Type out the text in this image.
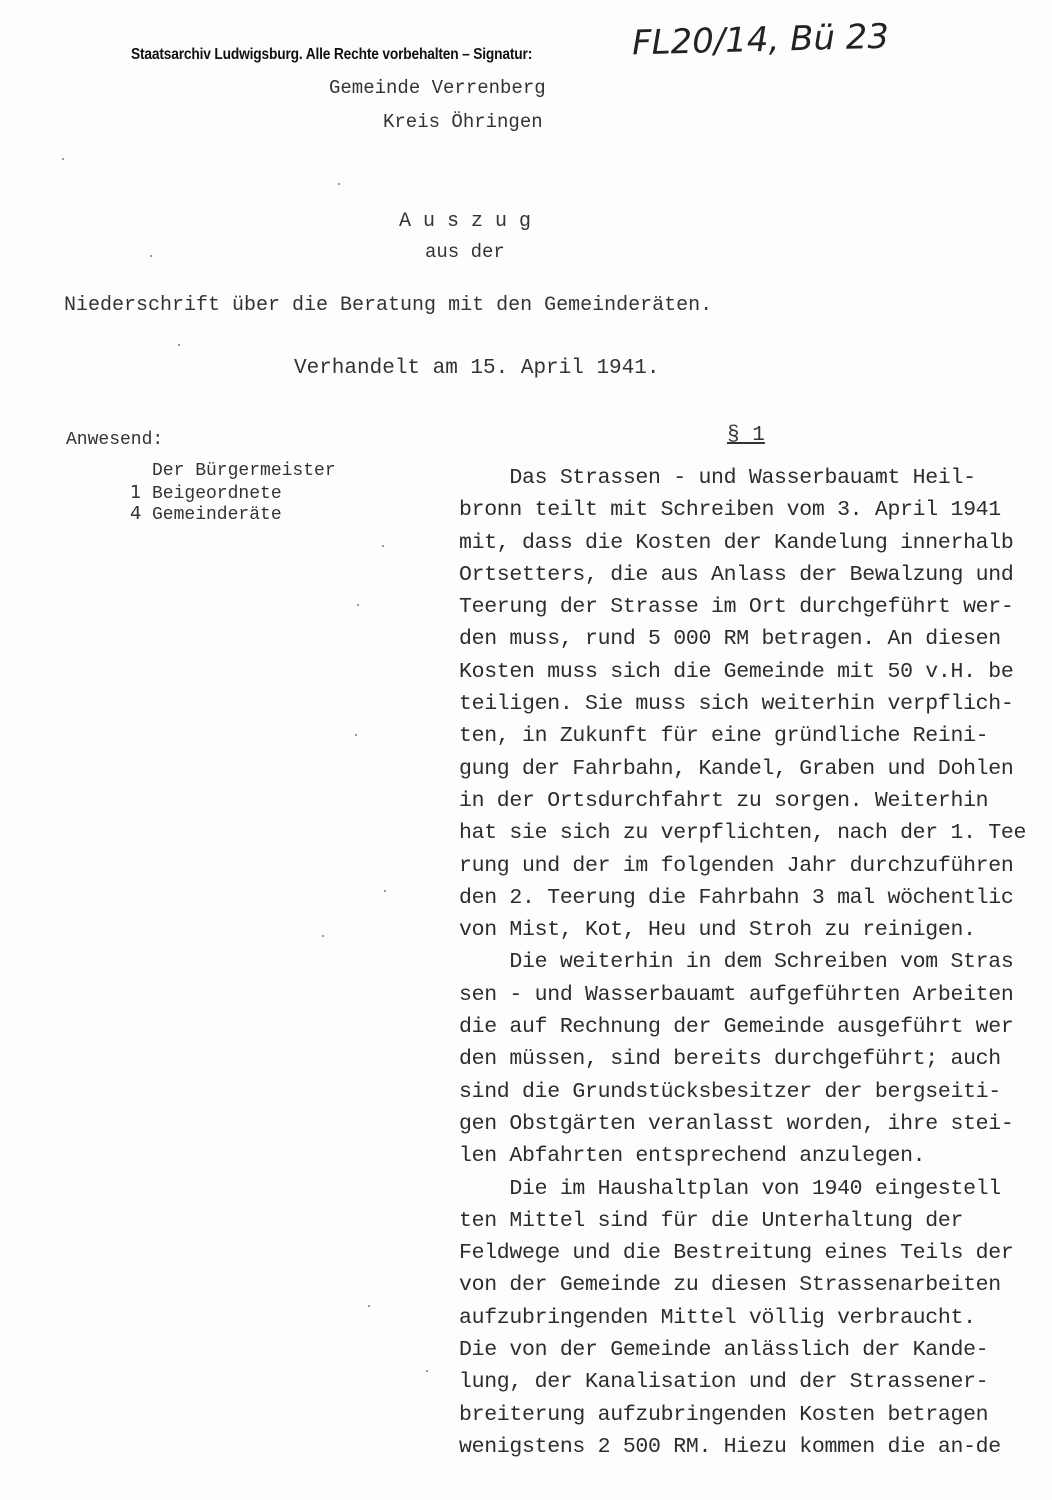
Staatsarchiv Ludwigsburg. Alle Rechte vorbehalten – Signatur:	FL20/14, Bü 23
Gemeinde Verrenberg
Kreis Öhringen
A u s z u g
aus der
Niederschrift über die Beratung mit den Gemeinderäten.
Verhandelt am 15. April 1941.
Anwesend:
Der Bürgermeister
1 Beigeordnete
4 Gemeinderäte
§ 1
Das Strassen - und Wasserbauamt Heil-
bronn teilt mit Schreiben vom 3. April 1941
mit, dass die Kosten der Kandelung innerhalb
Ortsetters, die aus Anlass der Bewalzung und
Teerung der Strasse im Ort durchgeführt wer-
den muss, rund 5 000 RM betragen. An diesen
Kosten muss sich die Gemeinde mit 50 v.H. be
teiligen. Sie muss sich weiterhin verpflich-
ten, in Zukunft für eine gründliche Reini-
gung der Fahrbahn, Kandel, Graben und Dohlen
in der Ortsdurchfahrt zu sorgen. Weiterhin
hat sie sich zu verpflichten, nach der 1. Tee
rung und der im folgenden Jahr durchzuführen
den 2. Teerung die Fahrbahn 3 mal wöchentlic
von Mist, Kot, Heu und Stroh zu reinigen.
Die weiterhin in dem Schreiben vom Stras
sen - und Wasserbauamt aufgeführten Arbeiten
die auf Rechnung der Gemeinde ausgeführt wer
den müssen, sind bereits durchgeführt; auch
sind die Grundstücksbesitzer der bergseiti-
gen Obstgärten veranlasst worden, ihre stei-
len Abfahrten entsprechend anzulegen.
Die im Haushaltplan von 1940 eingestell
ten Mittel sind für die Unterhaltung der
Feldwege und die Bestreitung eines Teils der
von der Gemeinde zu diesen Strassenarbeiten
aufzubringenden Mittel völlig verbraucht.
Die von der Gemeinde anlässlich der Kande-
lung, der Kanalisation und der Strassener-
breiterung aufzubringenden Kosten betragen
wenigstens 2 500 RM. Hiezu kommen die an-de
